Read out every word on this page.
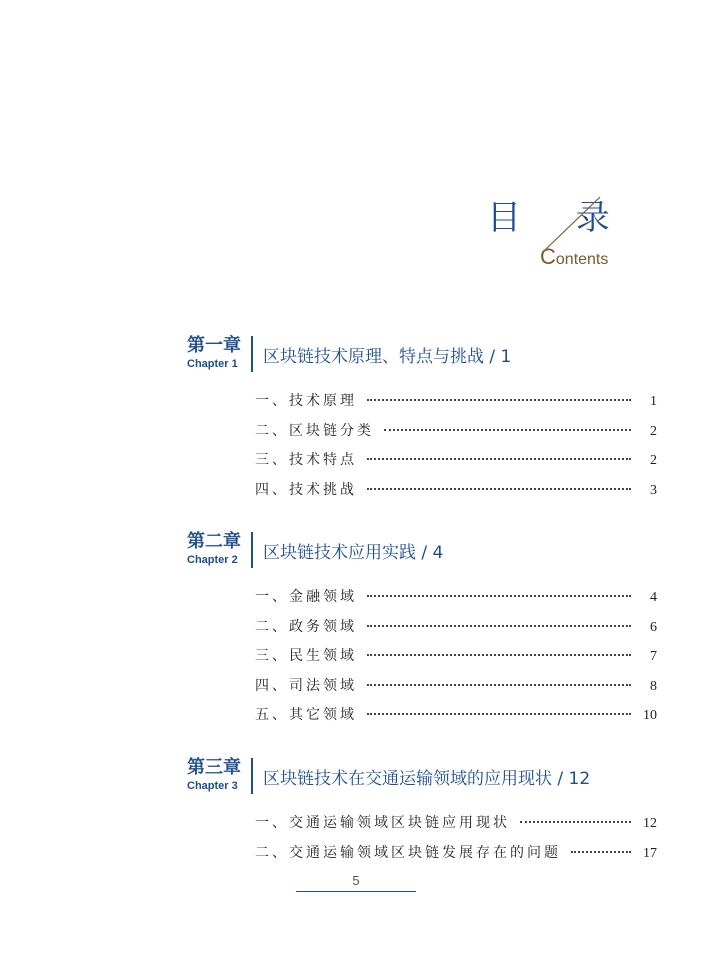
目 录
Contents
第一章
Chapter 1	区块链技术原理、特点与挑战 / 1
一、技术原理	1
二、区块链分类	2
三、技术特点	2
四、技术挑战	3
第二章
Chapter 2	区块链技术应用实践 / 4
一、金融领域	4
二、政务领域	6
三、民生领域	7
四、司法领域	8
五、其它领域	10
第三章
Chapter 3	区块链技术在交通运输领域的应用现状 / 12
一、交通运输领域区块链应用现状	12
二、交通运输领域区块链发展存在的问题	17
5
